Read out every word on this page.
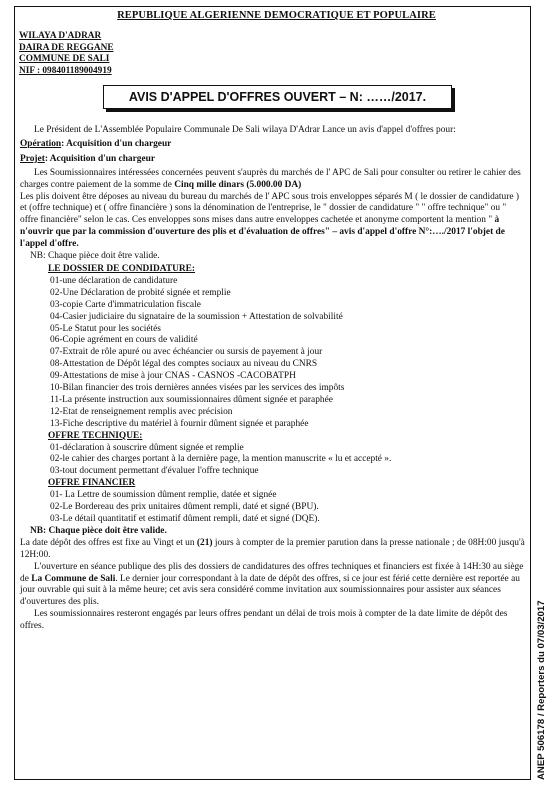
REPUBLIQUE ALGERIENNE DEMOCRATIQUE ET POPULAIRE
WILAYA D'ADRAR
DAIRA DE REGGANE
COMMUNE DE SALI
NIF : 098401189004919
AVIS D'APPEL D'OFFRES OUVERT – N: ……/2017.

Le Président de L'Assemblée Populaire Communale De Sali wilaya D'Adrar Lance un avis d'appel d'offres pour:

Opération: Acquisition d'un chargeur

Projet: Acquisition d'un chargeur

Les Soumissionnaires intéressées concernées peuvent s'auprès du marchés de l' APC de Sali pour consulter ou retirer le cahier des charges contre paiement de la somme de Cinq mille dinars (5.000.00 DA)

Les plis doivent être déposes au niveau du bureau du marchés de l' APC sous trois enveloppes séparés M ( le dossier de candidature ) et (offre technique) et ( offre financière ) sons la dénomination de l'entreprise, le " dossier de candidature " " offre technique" ou " offre financière" selon le cas. Ces enveloppes sons mises dans autre enveloppes cachetée et anonyme comportent la mention " à n'ouvrir que par la commission d'ouverture des plis et d'évaluation de offres" – avis d'appel d'offre N°:…./2017 l'objet de l'appel d'offre.

NB: Chaque pièce doit être valide.

LE DOSSIER DE CONDIDATURE:
01-une déclaration de candidature
02-Une Déclaration de probité signée et remplie
03-copie Carte d'immatriculation fiscale
04-Casier judiciaire du signataire de la soumission + Attestation de solvabilité
05-Le Statut pour les sociétés
06-Copie agrément en cours de validité
07-Extrait de rôle apuré ou avec échéancier ou sursis de payement à jour
08-Attestation de Dépôt légal des comptes sociaux au niveau du CNRS
09-Attestations de mise à jour CNAS - CASNOS -CACOBATPH
10-Bilan financier des trois dernières années visées par les services des impôts
11-La présente instruction aux soumissionnaires dûment signée et paraphée
12-Etat de renseignement remplis avec précision
13-Fiche descriptive du matériel à fournir dûment signée et paraphée
OFFRE TECHNIQUE:
01-déclaration à souscrire dûment signée et remplie
02-le cahier des charges portant à la dernière page, la mention manuscrite « lu et accepté ».
03-tout document permettant d'évaluer l'offre technique
OFFRE FINANCIER
01- La Lettre de soumission dûment remplie, datée et signée
02-Le Bordereau des prix unitaires dûment rempli, daté et signé (BPU).
03-Le détail quantitatif et estimatif dûment rempli, daté et signé (DQE).

NB: Chaque pièce doit être valide.

La date dépôt des offres est fixe au Vingt et un (21) jours à compter de la premier parution dans la presse nationale ; de 08H:00 jusqu'à 12H:00.

L'ouverture en séance publique des plis des dossiers de candidatures des offres techniques et financiers est fixée à 14H:30 au siège de La Commune de Sali. Le dernier jour correspondant à la date de dépôt des offres, si ce jour est férié cette dernière est reportée au jour ouvrable qui suit à la même heure; cet avis sera considéré comme invitation aux soumissionnaires pour assister aux séances d'ouvertures des plis.

Les soumissionnaires resteront engagés par leurs offres pendant un délai de trois mois à compter de la date limite de dépôt des offres.	ANEP 506178 / Reporters du 07/03/2017
